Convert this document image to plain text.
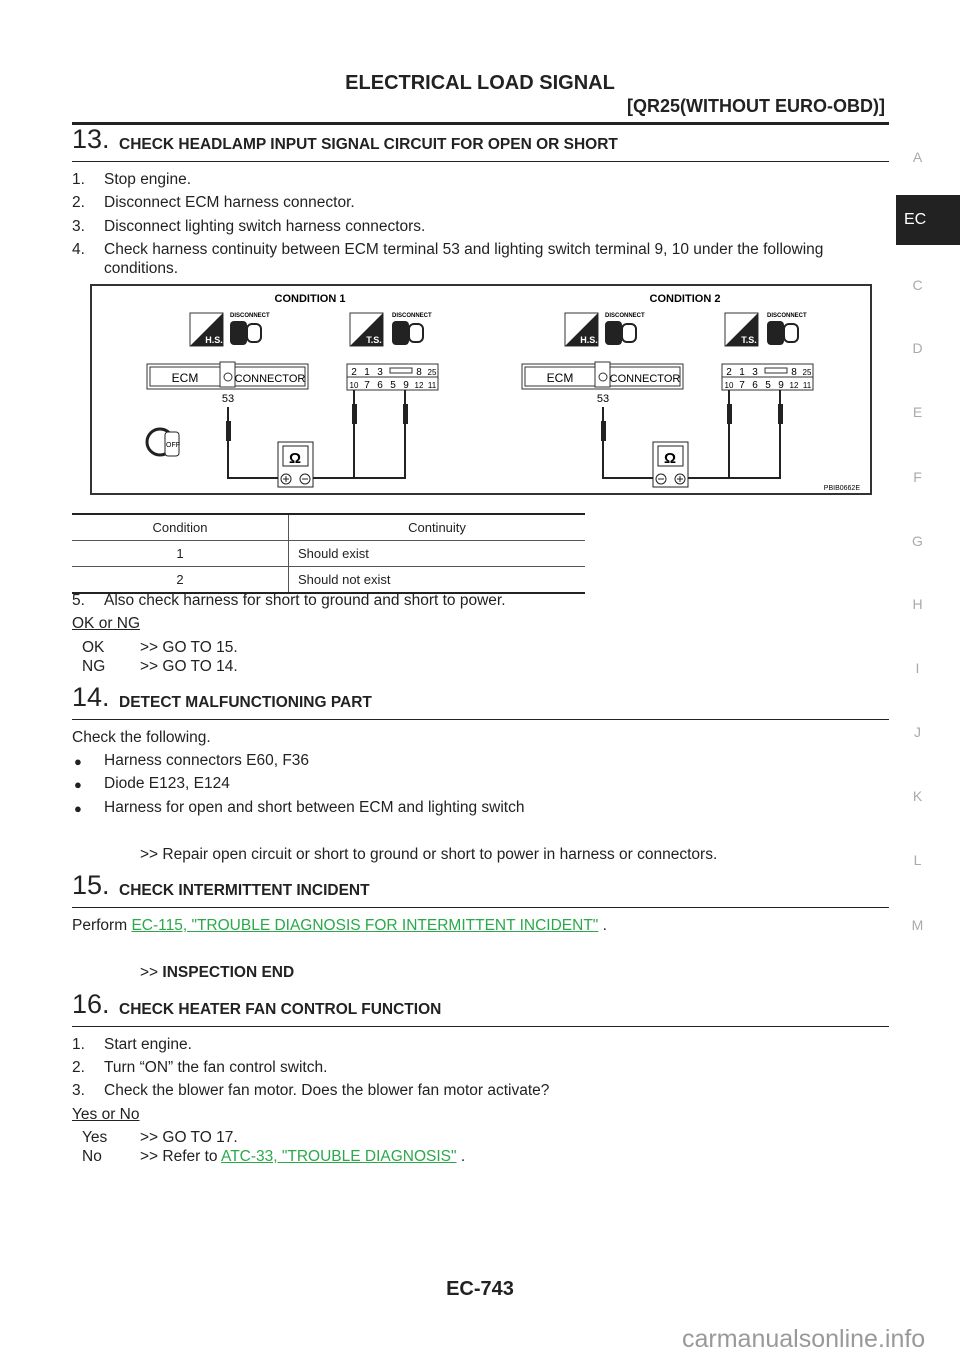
ELECTRICAL LOAD SIGNAL
[QR25(WITHOUT EURO-OBD)]
A
EC
C
D
E
F
G
H
I
J
K
L
M
13. CHECK HEADLAMP INPUT SIGNAL CIRCUIT FOR OPEN OR SHORT
1. Stop engine.
2. Disconnect ECM harness connector.
3. Disconnect lighting switch harness connectors.
4. Check harness continuity between ECM terminal 53 and lighting switch terminal 9, 10 under the following
conditions.
CONDITION 1
H.S.
DISCONNECT
T.S.
DISCONNECT
ECM	CONNECTOR
53
2 1 3	8 25
10 7 6 5 9 12 11
Ω
OFF
CONDITION 2
H.S.
DISCONNECT
T.S.
DISCONNECT
ECM	CONNECTOR
53
2 1 3	8 25
10 7 6 5 9 12 11
Ω
PBIB0662E
Condition	Continuity
1	Should exist
2	Should not exist
5. Also check harness for short to ground and short to power.
OK or NG
OK >> GO TO 15.
NG >> GO TO 14.
14. DETECT MALFUNCTIONING PART
Check the following.
● Harness connectors E60, F36
● Diode E123, E124
● Harness for open and short between ECM and lighting switch
>> Repair open circuit or short to ground or short to power in harness or connectors.
15. CHECK INTERMITTENT INCIDENT
Perform EC-115, "TROUBLE DIAGNOSIS FOR INTERMITTENT INCIDENT" .
>> INSPECTION END
16. CHECK HEATER FAN CONTROL FUNCTION
1. Start engine.
2. Turn “ON” the fan control switch.
3. Check the blower fan motor. Does the blower fan motor activate?
Yes or No
Yes >> GO TO 17.
No >> Refer to ATC-33, "TROUBLE DIAGNOSIS" .
EC-743
carmanualsonline.info
